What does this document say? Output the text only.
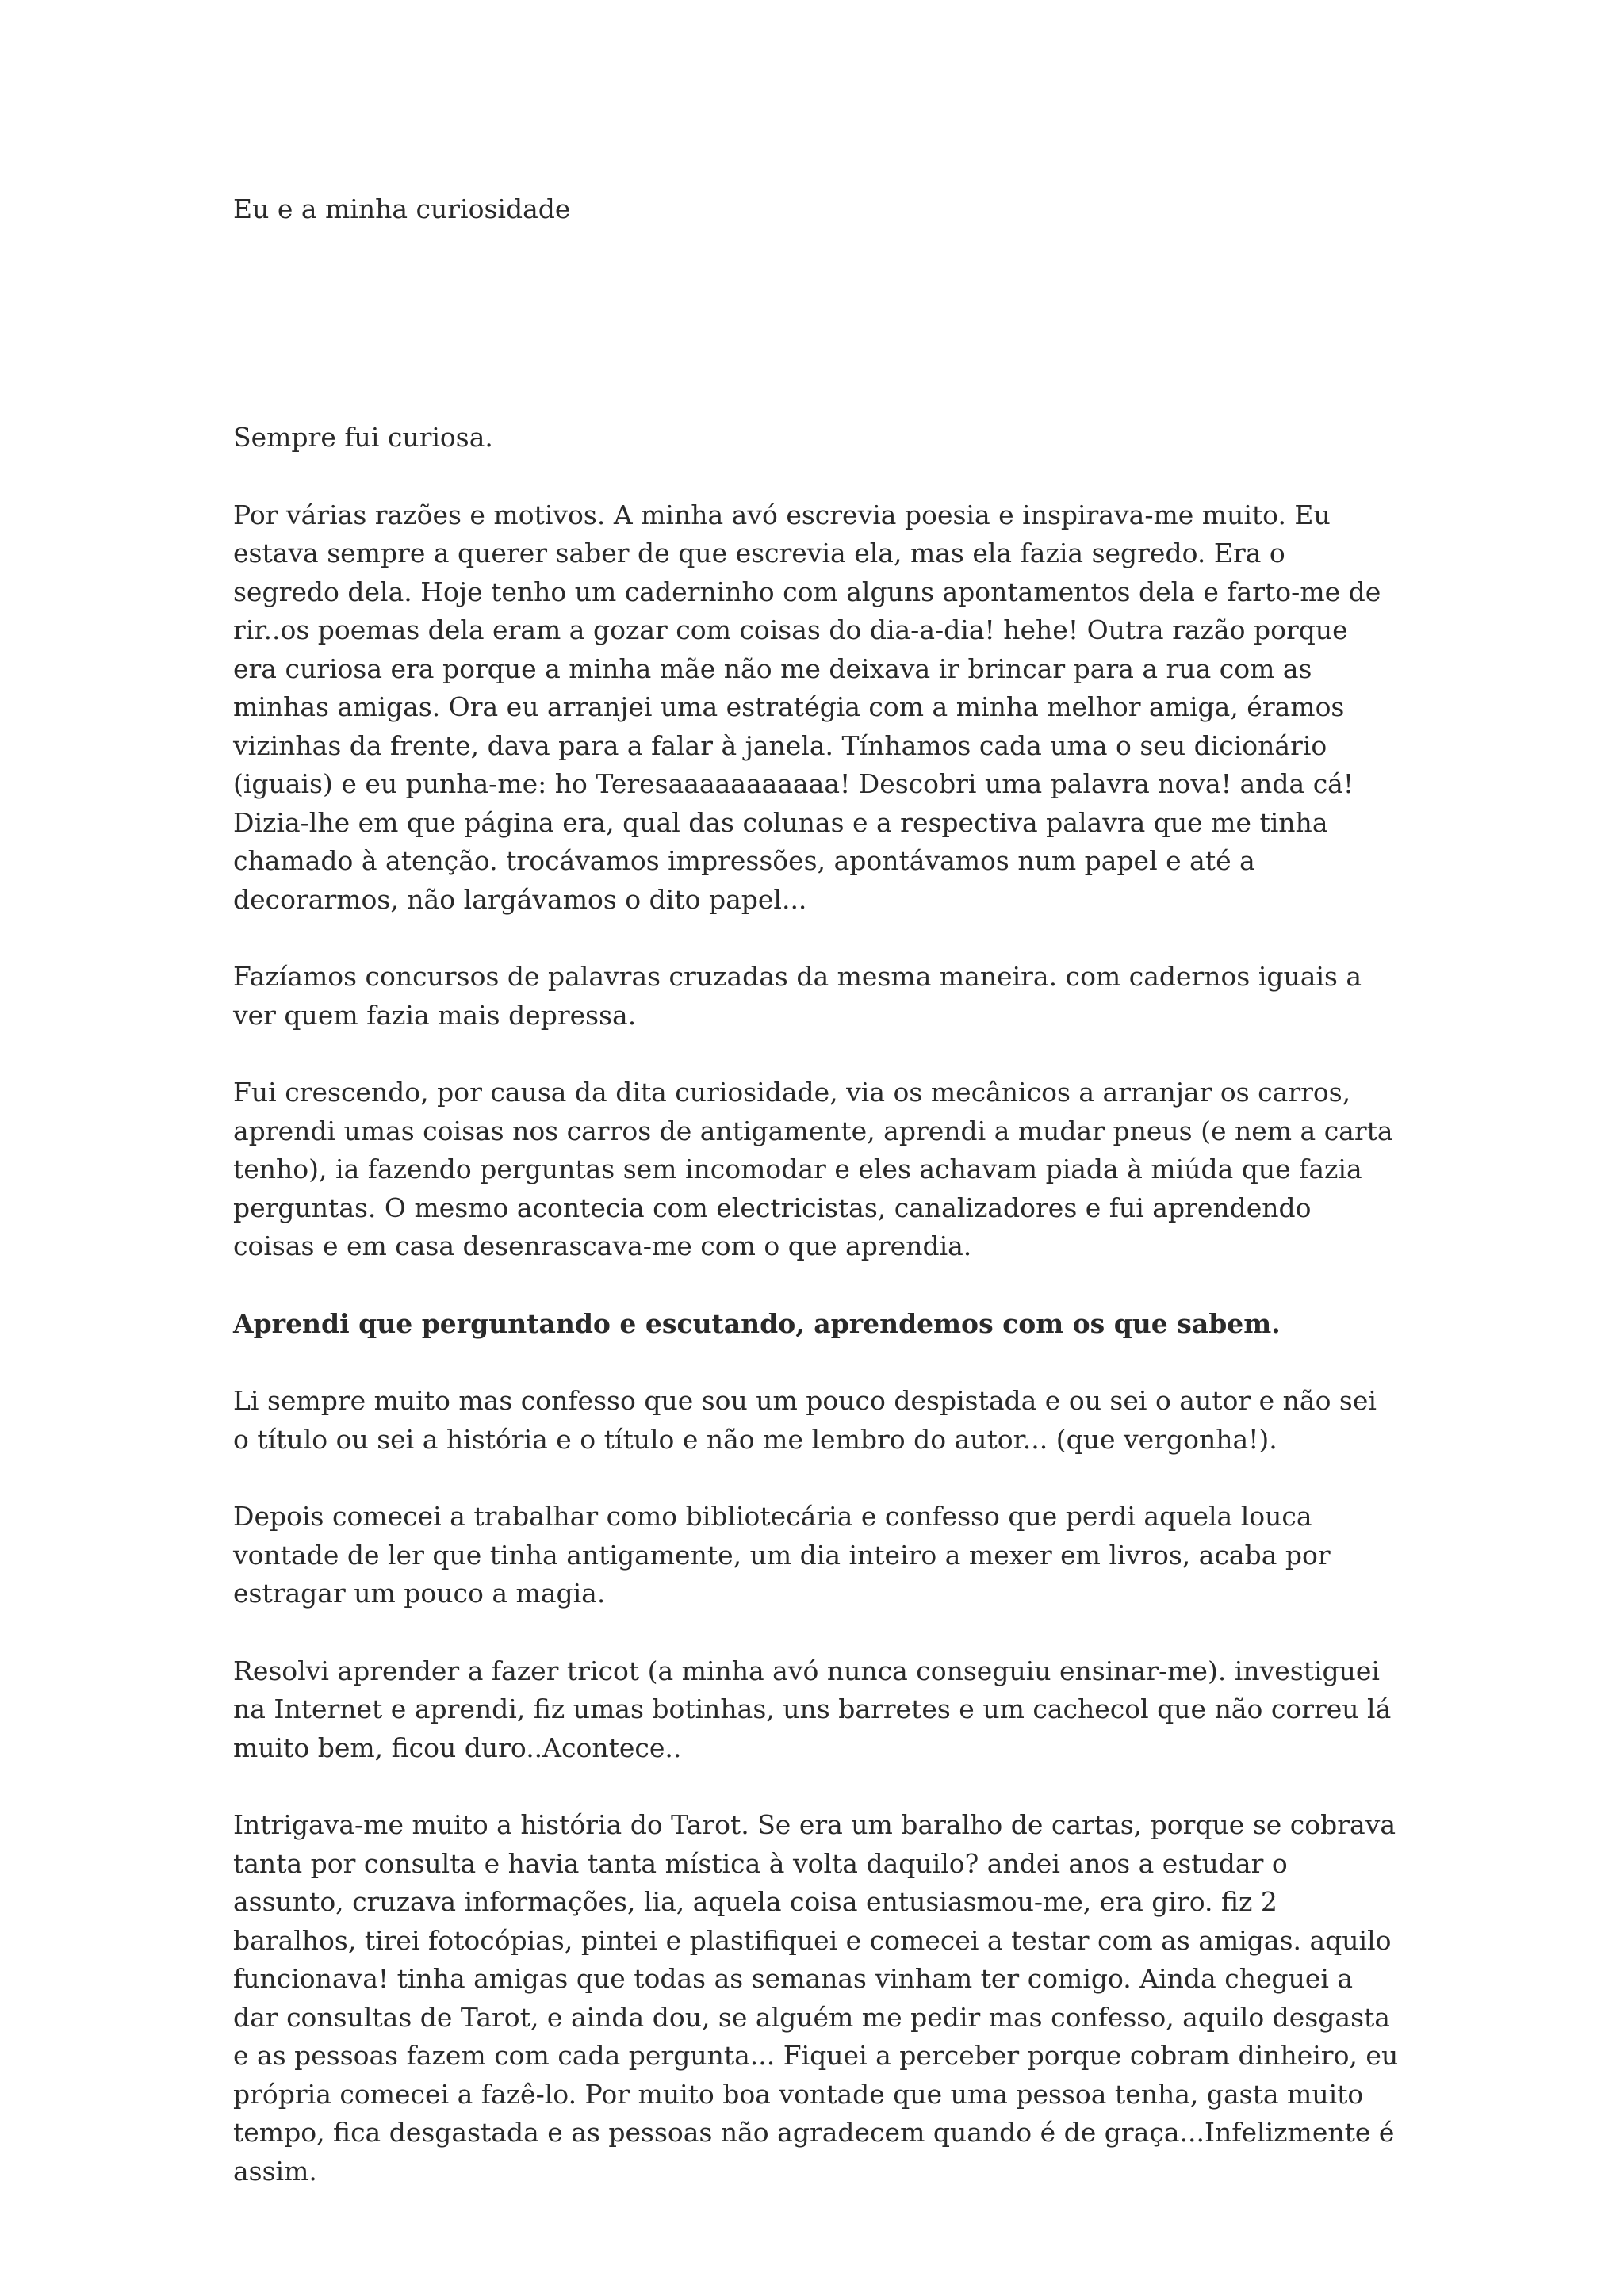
Eu e a minha curiosidade

Sempre fui curiosa.

Por várias razões e motivos. A minha avó escrevia poesia e inspirava-me muito. Eu estava sempre a querer saber de que escrevia ela, mas ela fazia segredo. Era o segredo dela. Hoje tenho um caderninho com alguns apontamentos dela e farto-me de rir..os poemas dela eram a gozar com coisas do dia-a-dia! hehe! Outra razão porque era curiosa era porque a minha mãe não me deixava ir brincar para a rua com as minhas amigas. Ora eu arranjei uma estratégia com a minha melhor amiga, éramos vizinhas da frente, dava para a falar à janela. Tínhamos cada uma o seu dicionário (iguais) e eu punha-me: ho Teresaaaaaaaaaaa! Descobri uma palavra nova! anda cá! Dizia-lhe em que página era, qual das colunas e a respectiva palavra que me tinha chamado à atenção. trocávamos impressões, apontávamos num papel e até a decorarmos, não largávamos o dito papel...

Fazíamos concursos de palavras cruzadas da mesma maneira. com cadernos iguais a ver quem fazia mais depressa.

Fui crescendo, por causa da dita curiosidade, via os mecânicos a arranjar os carros, aprendi umas coisas nos carros de antigamente, aprendi a mudar pneus (e nem a carta tenho), ia fazendo perguntas sem incomodar e eles achavam piada à miúda que fazia perguntas. O mesmo acontecia com electricistas, canalizadores e fui aprendendo coisas e em casa desenrascava-me com o que aprendia.

Aprendi que perguntando e escutando, aprendemos com os que sabem.

Li sempre muito mas confesso que sou um pouco despistada e ou sei o autor e não sei o título ou sei a história e o título e não me lembro do autor... (que vergonha!).

Depois comecei a trabalhar como bibliotecária e confesso que perdi aquela louca vontade de ler que tinha antigamente, um dia inteiro a mexer em livros, acaba por estragar um pouco a magia.

Resolvi aprender a fazer tricot (a minha avó nunca conseguiu ensinar-me). investiguei na Internet e aprendi, fiz umas botinhas, uns barretes e um cachecol que não correu lá muito bem, ficou duro..Acontece..

Intrigava-me muito a história do Tarot. Se era um baralho de cartas, porque se cobrava tanta por consulta e havia tanta mística à volta daquilo? andei anos a estudar o assunto, cruzava informações, lia, aquela coisa entusiasmou-me, era giro. fiz 2 baralhos, tirei fotocópias, pintei e plastifiquei e comecei a testar com as amigas. aquilo funcionava! tinha amigas que todas as semanas vinham ter comigo. Ainda cheguei a dar consultas de Tarot, e ainda dou, se alguém me pedir mas confesso, aquilo desgasta e as pessoas fazem com cada pergunta... Fiquei a perceber porque cobram dinheiro, eu própria comecei a fazê-lo. Por muito boa vontade que uma pessoa tenha, gasta muito tempo, fica desgastada e as pessoas não agradecem quando é de graça...Infelizmente é assim.
